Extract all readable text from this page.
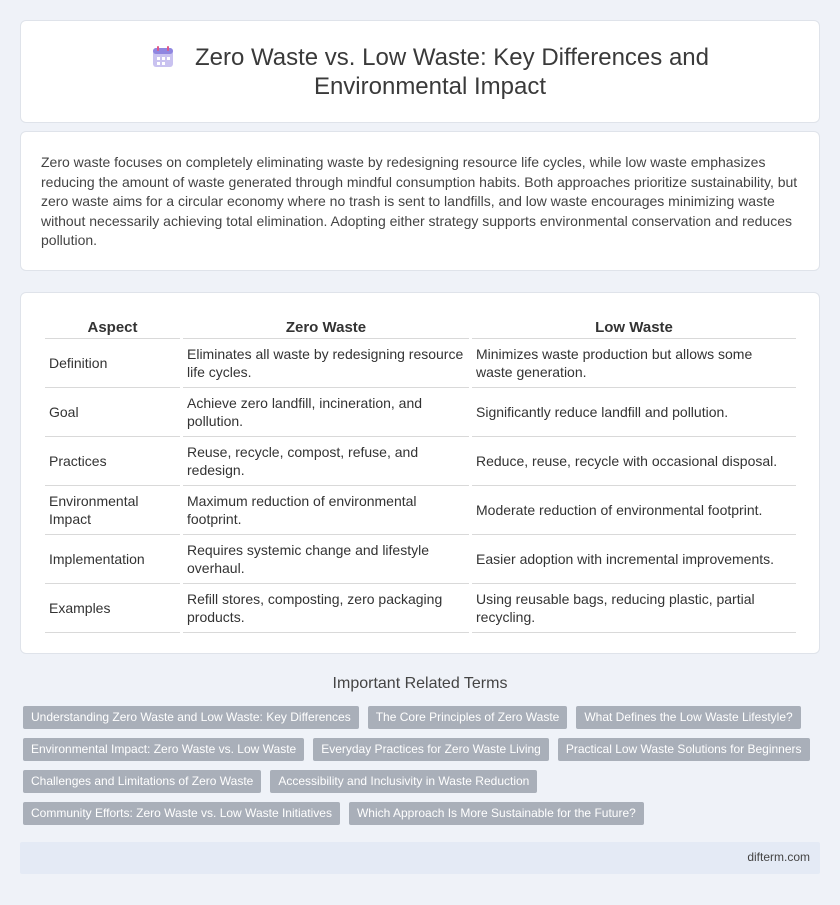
Zero Waste vs. Low Waste: Key Differences and Environmental Impact

Zero waste focuses on completely eliminating waste by redesigning resource life cycles, while low waste emphasizes reducing the amount of waste generated through mindful consumption habits. Both approaches prioritize sustainability, but zero waste aims for a circular economy where no trash is sent to landfills, and low waste encourages minimizing waste without necessarily achieving total elimination. Adopting either strategy supports environmental conservation and reduces pollution.

Aspect	Zero Waste	Low Waste
Definition	Eliminates all waste by redesigning resource life cycles.	Minimizes waste production but allows some waste generation.
Goal	Achieve zero landfill, incineration, and pollution.	Significantly reduce landfill and pollution.
Practices	Reuse, recycle, compost, refuse, and redesign.	Reduce, reuse, recycle with occasional disposal.
Environmental Impact	Maximum reduction of environmental footprint.	Moderate reduction of environmental footprint.
Implementation	Requires systemic change and lifestyle overhaul.	Easier adoption with incremental improvements.
Examples	Refill stores, composting, zero packaging products.	Using reusable bags, reducing plastic, partial recycling.
Important Related Terms
Understanding Zero Waste and Low Waste: Key Differences	The Core Principles of Zero Waste	What Defines the Low Waste Lifestyle?
Environmental Impact: Zero Waste vs. Low Waste	Everyday Practices for Zero Waste Living	Practical Low Waste Solutions for Beginners
Challenges and Limitations of Zero Waste	Accessibility and Inclusivity in Waste Reduction
Community Efforts: Zero Waste vs. Low Waste Initiatives	Which Approach Is More Sustainable for the Future?
difterm.com
